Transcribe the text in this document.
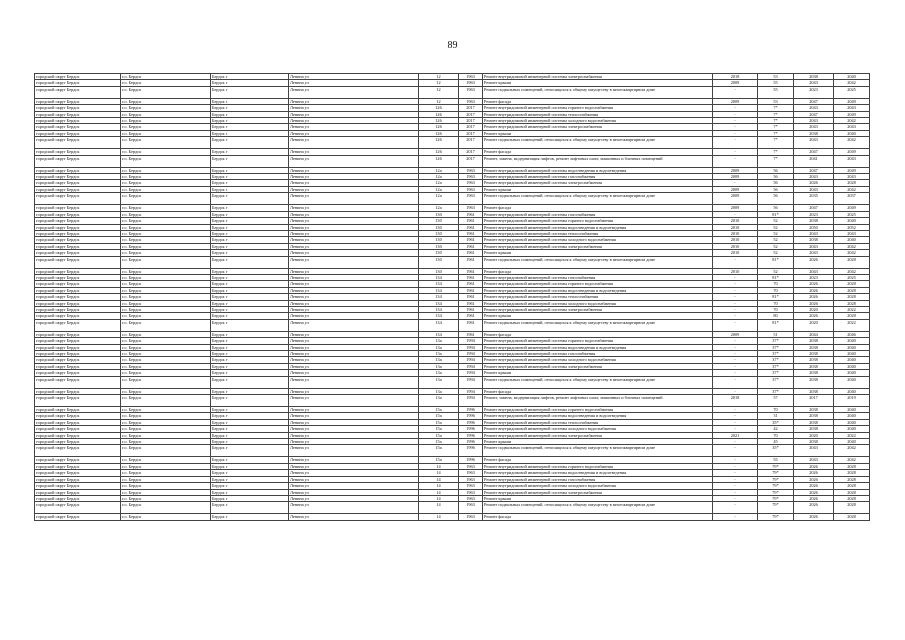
89
городской округ Бердск	г.о. Бердск	Бердск г	Ленина ул	12	1963	Ремонт внутридомовой инженерной системы электроснабжения	2018	53	2038	2040
городской округ Бердск	г.о. Бердск	Бердск г	Ленина ул	12	1963	Ремонт крыши	2009	55	2043	2042
городской округ Бердск	г.о. Бердск	Бердск г	Ленина ул	12	1963	Ремонт подвальных помещений, относящихся к общему имуществу в многоквартирном доме	-	55	2023	2025
городской округ Бердск	г.о. Бердск	Бердск г	Ленина ул	12	1963	Ремонт фасада	2009	53	2047	2049
городской округ Бердск	г.о. Бердск	Бердск г	Ленина ул	126	2017	Ремонт внутридомовой инженерной системы горячего водоснабжения	-	7*	2043	2043
городской округ Бердск	г.о. Бердск	Бердск г	Ленина ул	126	2017	Ремонт внутридомовой инженерной системы теплоснабжения	-	7*	2047	2049
городской округ Бердск	г.о. Бердск	Бердск г	Ленина ул	126	2017	Ремонт внутридомовой инженерной системы холодного водоснабжения	-	7*	2043	2042
городской округ Бердск	г.о. Бердск	Бердск г	Ленина ул	126	2017	Ремонт внутридомовой инженерной системы электроснабжения	-	7*	2043	2043
городской округ Бердск	г.о. Бердск	Бердск г	Ленина ул	126	2017	Ремонт крыши	-	7*	2038	2040
городской округ Бердск	г.о. Бердск	Бердск г	Ленина ул	126	2017	Ремонт подвальных помещений, относящихся к общему имуществу в многоквартирном доме	-	7*	2043	2042
городской округ Бердск	г.о. Бердск	Бердск г	Ленина ул	126	2017	Ремонт фасада	-	7*	2047	2049
городской округ Бердск	г.о. Бердск	Бердск г	Ленина ул	126	2017	Ремонт, замена, модернизация лифтов, ремонт лифтовых шахт, машинных и блочных помещений	-	7*	2041	2043
городской округ Бердск	г.о. Бердск	Бердск г	Ленина ул	12а	1963	Ремонт внутридомовой инженерной системы водоотведения и водоотведения	2009	56	2047	2049
городской округ Бердск	г.о. Бердск	Бердск г	Ленина ул	12а	1963	Ремонт внутридомовой инженерной системы газоснабжения	2009	56	2043	2043
городской округ Бердск	г.о. Бердск	Бердск г	Ленина ул	12а	1963	Ремонт внутридомовой инженерной системы электроснабжения	-	56	2026	2028
городской округ Бердск	г.о. Бердск	Бердск г	Ленина ул	12а	1963	Ремонт крыши	2009	56	2043	2042
городской округ Бердск	г.о. Бердск	Бердск г	Ленина ул	12а	1963	Ремонт подвальных помещений, относящихся к общему имуществу в многоквартирном доме	2009	56	2035	2037
городской округ Бердск	г.о. Бердск	Бердск г	Ленина ул	12а	1963	Ремонт фасада	2009	56	2047	2049
городской округ Бердск	г.о. Бердск	Бердск г	Ленина ул	130	1961	Ремонт внутридомовой инженерной системы газоснабжения	-	81*	2023	2025
городской округ Бердск	г.о. Бердск	Бердск г	Ленина ул	130	1961	Ремонт внутридомовой инженерной системы горячего водоснабжения	2010	52	2038	2040
городской округ Бердск	г.о. Бердск	Бердск г	Ленина ул	130	1961	Ремонт внутридомовой инженерной системы водоотведения и водоотведения	2010	52	2050	2052
городской округ Бердск	г.о. Бердск	Бердск г	Ленина ул	130	1961	Ремонт внутридомовой инженерной системы теплоснабжения	2010	52	2043	2043
городской округ Бердск	г.о. Бердск	Бердск г	Ленина ул	130	1961	Ремонт внутридомовой инженерной системы холодного водоснабжения	2010	52	2038	2040
городской округ Бердск	г.о. Бердск	Бердск г	Ленина ул	130	1961	Ремонт внутридомовой инженерной системы электроснабжения	2010	52	2043	2042
городской округ Бердск	г.о. Бердск	Бердск г	Ленина ул	130	1961	Ремонт крыши	2010	52	2043	2042
городской округ Бердск	г.о. Бердск	Бердск г	Ленина ул	130	1961	Ремонт подвальных помещений, относящихся к общему имуществу в многоквартирном доме	-	81*	2026	2028
городской округ Бердск	г.о. Бердск	Бердск г	Ленина ул	130	1961	Ремонт фасада	2010	52	2043	2042
городской округ Бердск	г.о. Бердск	Бердск г	Ленина ул	134	1961	Ремонт внутридомовой инженерной системы газоснабжения	-	81*	2023	2025
городской округ Бердск	г.о. Бердск	Бердск г	Ленина ул	134	1961	Ремонт внутридомовой инженерной системы горячего водоснабжения	-	70	2026	2028
городской округ Бердск	г.о. Бердск	Бердск г	Ленина ул	134	1961	Ремонт внутридомовой инженерной системы водоотведения и водоотведения	-	70	2026	2028
городской округ Бердск	г.о. Бердск	Бердск г	Ленина ул	134	1961	Ремонт внутридомовой инженерной системы теплоснабжения	-	81*	2026	2028
городской округ Бердск	г.о. Бердск	Бердск г	Ленина ул	134	1961	Ремонт внутридомовой инженерной системы холодного водоснабжения	-	70	2026	2028
городской округ Бердск	г.о. Бердск	Бердск г	Ленина ул	134	1961	Ремонт внутридомовой инженерной системы электроснабжения	-	70	2020	2022
городской округ Бердск	г.о. Бердск	Бердск г	Ленина ул	134	1961	Ремонт крыши	-	80	2026	2028
городской округ Бердск	г.о. Бердск	Бердск г	Ленина ул	134	1961	Ремонт подвальных помещений, относящихся к общему имуществу в многоквартирном доме	-	81*	2020	2022
городской округ Бердск	г.о. Бердск	Бердск г	Ленина ул	134	1961	Ремонт фасада	2009	51	2044	2046
городской округ Бердск	г.о. Бердск	Бердск г	Ленина ул	13а	1994	Ремонт внутридомовой инженерной системы горячего водоснабжения	-	37*	2038	2040
городской округ Бердск	г.о. Бердск	Бердск г	Ленина ул	13а	1994	Ремонт внутридомовой инженерной системы водоотведения и водоотведения	-	37*	2038	2040
городской округ Бердск	г.о. Бердск	Бердск г	Ленина ул	13а	1994	Ремонт внутридомовой инженерной системы газоснабжения	-	37*	2038	2040
городской округ Бердск	г.о. Бердск	Бердск г	Ленина ул	13а	1994	Ремонт внутридомовой инженерной системы холодного водоснабжения	-	37*	2038	2040
городской округ Бердск	г.о. Бердск	Бердск г	Ленина ул	13а	1994	Ремонт внутридомовой инженерной системы электроснабжения	-	37*	2038	2040
городской округ Бердск	г.о. Бердск	Бердск г	Ленина ул	13а	1994	Ремонт крыши	-	37*	2038	2040
городской округ Бердск	г.о. Бердск	Бердск г	Ленина ул	13а	1994	Ремонт подвальных помещений, относящихся к общему имуществу в многоквартирном доме	-	37*	2038	2040
городской округ Бердск	г.о. Бердск	Бердск г	Ленина ул	13а	1994	Ремонт фасада	-	37*	2038	2040
городской округ Бердск	г.о. Бердск	Бердск г	Ленина ул	13а	1994	Ремонт, замена, модернизация лифтов, ремонт лифтовых шахт, машинных и блочных помещений	2018	57	2017	2019
городской округ Бердск	г.о. Бердск	Бердск г	Ленина ул	15а	1996	Ремонт внутридомовой инженерной системы горячего водоснабжения	-	70	2038	2040
городской округ Бердск	г.о. Бердск	Бердск г	Ленина ул	15а	1996	Ремонт внутридомовой инженерной системы водоотведения и водоотведения	-	31	2038	2040
городской округ Бердск	г.о. Бердск	Бердск г	Ленина ул	15а	1996	Ремонт внутридомовой инженерной системы теплоснабжения	-	35*	2038	2040
городской округ Бердск	г.о. Бердск	Бердск г	Ленина ул	15а	1996	Ремонт внутридомовой инженерной системы холодного водоснабжения	-	42	2038	2040
городской округ Бердск	г.о. Бердск	Бердск г	Ленина ул	15а	1996	Ремонт внутридомовой инженерной системы электроснабжения	2021	70	2020	2022
городской округ Бердск	г.о. Бердск	Бердск г	Ленина ул	15а	1996	Ремонт крыши	-	45	2038	2040
городской округ Бердск	г.о. Бердск	Бердск г	Ленина ул	15а	1996	Ремонт подвальных помещений, относящихся к общему имуществу в многоквартирном доме	-	35*	2043	2042
городской округ Бердск	г.о. Бердск	Бердск г	Ленина ул	15а	1996	Ремонт фасада	-	55	2043	2042
городской округ Бердск	г.о. Бердск	Бердск г	Ленина ул	14	1963	Ремонт внутридомовой инженерной системы горячего водоснабжения	-	79*	2026	2028
городской округ Бердск	г.о. Бердск	Бердск г	Ленина ул	14	1963	Ремонт внутридомовой инженерной системы водоотведения и водоотведения	-	79*	2026	2028
городской округ Бердск	г.о. Бердск	Бердск г	Ленина ул	14	1963	Ремонт внутридомовой инженерной системы газоснабжения	-	79*	2026	2028
городской округ Бердск	г.о. Бердск	Бердск г	Ленина ул	14	1963	Ремонт внутридомовой инженерной системы холодного водоснабжения	-	79*	2026	2028
городской округ Бердск	г.о. Бердск	Бердск г	Ленина ул	14	1963	Ремонт внутридомовой инженерной системы электроснабжения	-	79*	2026	2028
городской округ Бердск	г.о. Бердск	Бердск г	Ленина ул	14	1963	Ремонт крыши	-	79*	2026	2028
городской округ Бердск	г.о. Бердск	Бердск г	Ленина ул	14	1963	Ремонт подвальных помещений, относящихся к общему имуществу в многоквартирном доме	-	79*	2026	2028
городской округ Бердск	г.о. Бердск	Бердск г	Ленина ул	14	1963	Ремонт фасада	-	79*	2026	2028
